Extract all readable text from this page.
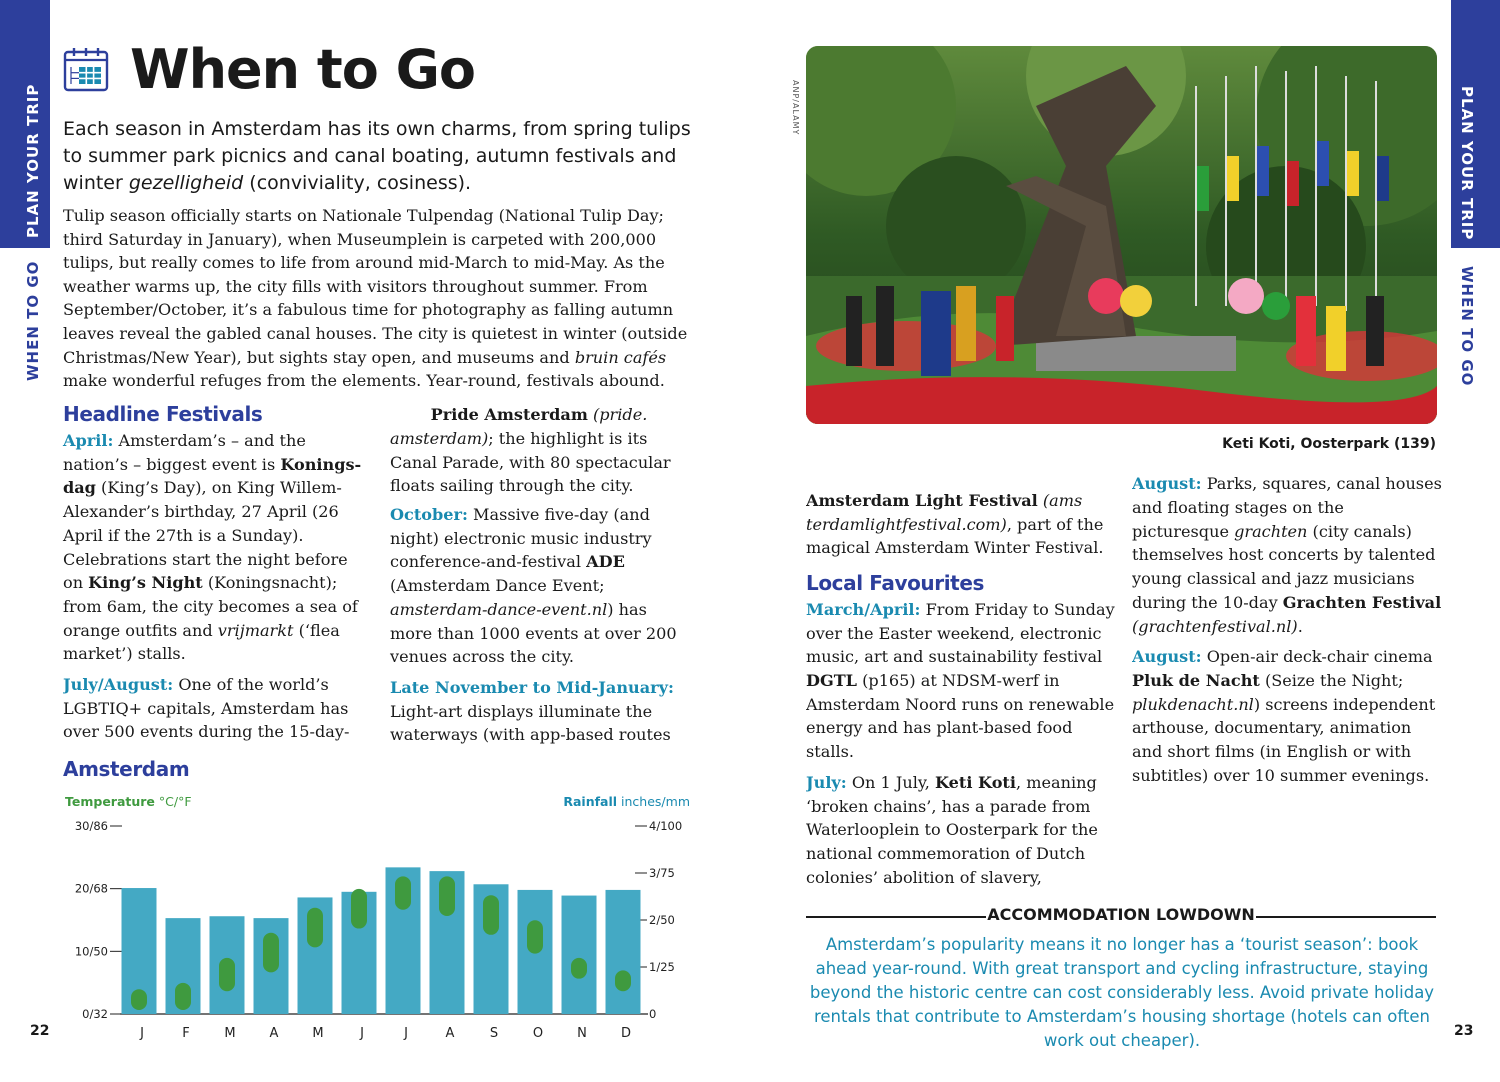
PLAN YOUR TRIP
WHEN TO GO
PLAN YOUR TRIP
WHEN TO GO
22	23
When to Go

Each season in Amsterdam has its own charms, from spring tulips to summer park picnics and canal boating, autumn festivals and winter gezelligheid (conviviality, cosiness).

Tulip season officially starts on Nationale Tulpendag (National Tulip Day; third Saturday in January), when Museumplein is carpeted with 200,000 tulips, but really comes to life from around mid-March to mid-May. As the weather warms up, the city fills with visitors throughout summer. From September/October, it’s a fabulous time for photography as falling autumn leaves reveal the gabled canal houses. The city is quietest in winter (outside Christmas/New Year), but sights stay open, and museums and bruin cafés make wonderful refuges from the elements. Year-round, festivals abound.

Headline Festivals

April: Amsterdam’s – and the nation’s – biggest event is Koningsdag (King’s Day), on King Willem-Alexander’s birthday, 27 April (26 April if the 27th is a Sunday). Celebrations start the night before on King’s Night (Koningsnacht); from 6am, the city becomes a sea of orange outfits and vrijmarkt (‘flea market’) stalls.

July/August: One of the world’s LGBTIQ+ capitals, Amsterdam has over 500 events during the 15-day-

October: Massive five-day (and night) electronic music industry conference-and-festival ADE (Amsterdam Dance Event; amsterdam-dance-event.nl) has more than 1000 events at over 200 venues across the city.

Late November to Mid-January: Light-art displays illuminate the waterways (with app-based routes

Pride Amsterdam (pride. amsterdam); the highlight is its Canal Parade, with 80 spectacular floats sailing through the city.

Amsterdam
Temperature °C/°F	Rainfall inches/mm
0/32
10/50
20/68
30/86
0
1/25
2/50
3/75
4/100
J	F	M	A	M	J	J	A	S	O	N	D
ANP/ALAMY
Keti Koti, Oosterpark (139)

Amsterdam Light Festival (ams terdamlightfestival.com), part of the magical Amsterdam Winter Festival.

Local Favourites

March/April: From Friday to Sunday over the Easter weekend, electronic music, art and sustainability festival DGTL (p165) at NDSM-werf in Amsterdam Noord runs on renewable energy and has plant-based food stalls.

July: On 1 July, Keti Koti, meaning ‘broken chains’, has a parade from Waterlooplein to Oosterpark for the national commemoration of Dutch colonies’ abolition of slavery,

August: Parks, squares, canal houses and floating stages on the picturesque grachten (city canals) themselves host concerts by talented young classical and jazz musicians during the 10-day Grachten Festival (grachtenfestival.nl).

August: Open-air deck-chair cinema Pluk de Nacht (Seize the Night; plukdenacht.nl) screens independent arthouse, documentary, animation and short films (in English or with subtitles) over 10 summer evenings.

ACCOMMODATION LOWDOWN

Amsterdam’s popularity means it no longer has a ‘tourist season’: book ahead year-round. With great transport and cycling infrastructure, staying beyond the historic centre can cost considerably less. Avoid private holiday rentals that contribute to Amsterdam’s housing shortage (hotels can often work out cheaper).
